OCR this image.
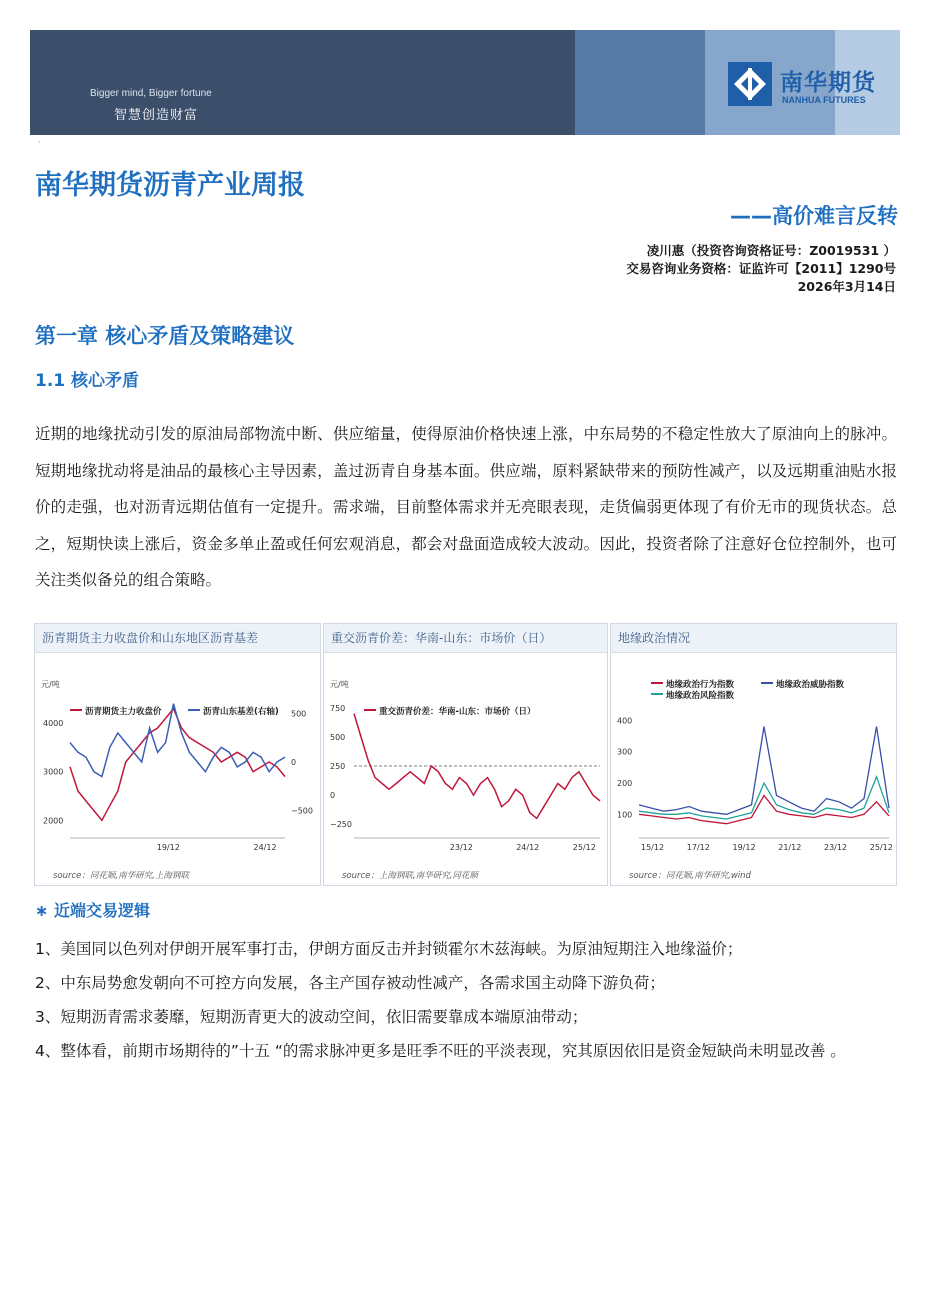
Bigger mind, Bigger fortune
智慧创造财富
南华期货
NANHUA FUTURES
·
南华期货沥青产业周报
——高价难言反转
凌川惠（投资咨询资格证号：Z0019531 ）
交易咨询业务资格：证监许可【2011】1290号
2026年3月14日
第一章 核心矛盾及策略建议
1.1 核心矛盾
近期的地缘扰动引发的原油局部物流中断、供应缩量，使得原油价格快速上涨，中东局势的不稳定性放大了原油向上的脉冲。短期地缘扰动将是油品的最核心主导因素，盖过沥青自身基本面。供应端，原料紧缺带来的预防性减产，以及远期重油贴水报价的走强，也对沥青远期估值有一定提升。需求端，目前整体需求并无亮眼表现，走货偏弱更体现了有价无市的现货状态。总之，短期快读上涨后，资金多单止盈或任何宏观消息，都会对盘面造成较大波动。因此，投资者除了注意好仓位控制外，也可关注类似备兑的组合策略。
沥青期货主力收盘价和山东地区沥青基差
元/吨
沥青期货主力收盘价	沥青山东基差(右轴)
2000
3000
4000
500
0
−500
19/12	24/12
source：同花顺,南华研究,上海钢联
重交沥青价差：华南-山东：市场价（日）
元/吨
重交沥青价差：华南-山东：市场价（日）
750
500
250
0
−250
23/12	24/12	25/12
source：上海钢联,南华研究,同花顺
地缘政治情况
地缘政治行为指数	地缘政治威胁指数
地缘政治风险指数
100
200
300
400
15/12	17/12	19/12	21/12	23/12	25/12
source：同花顺,南华研究,wind
∗ 近端交易逻辑
1、美国同以色列对伊朗开展军事打击，伊朗方面反击并封锁霍尔木兹海峡。为原油短期注入地缘溢价；
2、中东局势愈发朝向不可控方向发展，各主产国存被动性减产，各需求国主动降下游负荷；
3、短期沥青需求萎靡，短期沥青更大的波动空间，依旧需要靠成本端原油带动；
4、整体看，前期市场期待的”十五 “的需求脉冲更多是旺季不旺的平淡表现，究其原因依旧是资金短缺尚未明显改善 。
